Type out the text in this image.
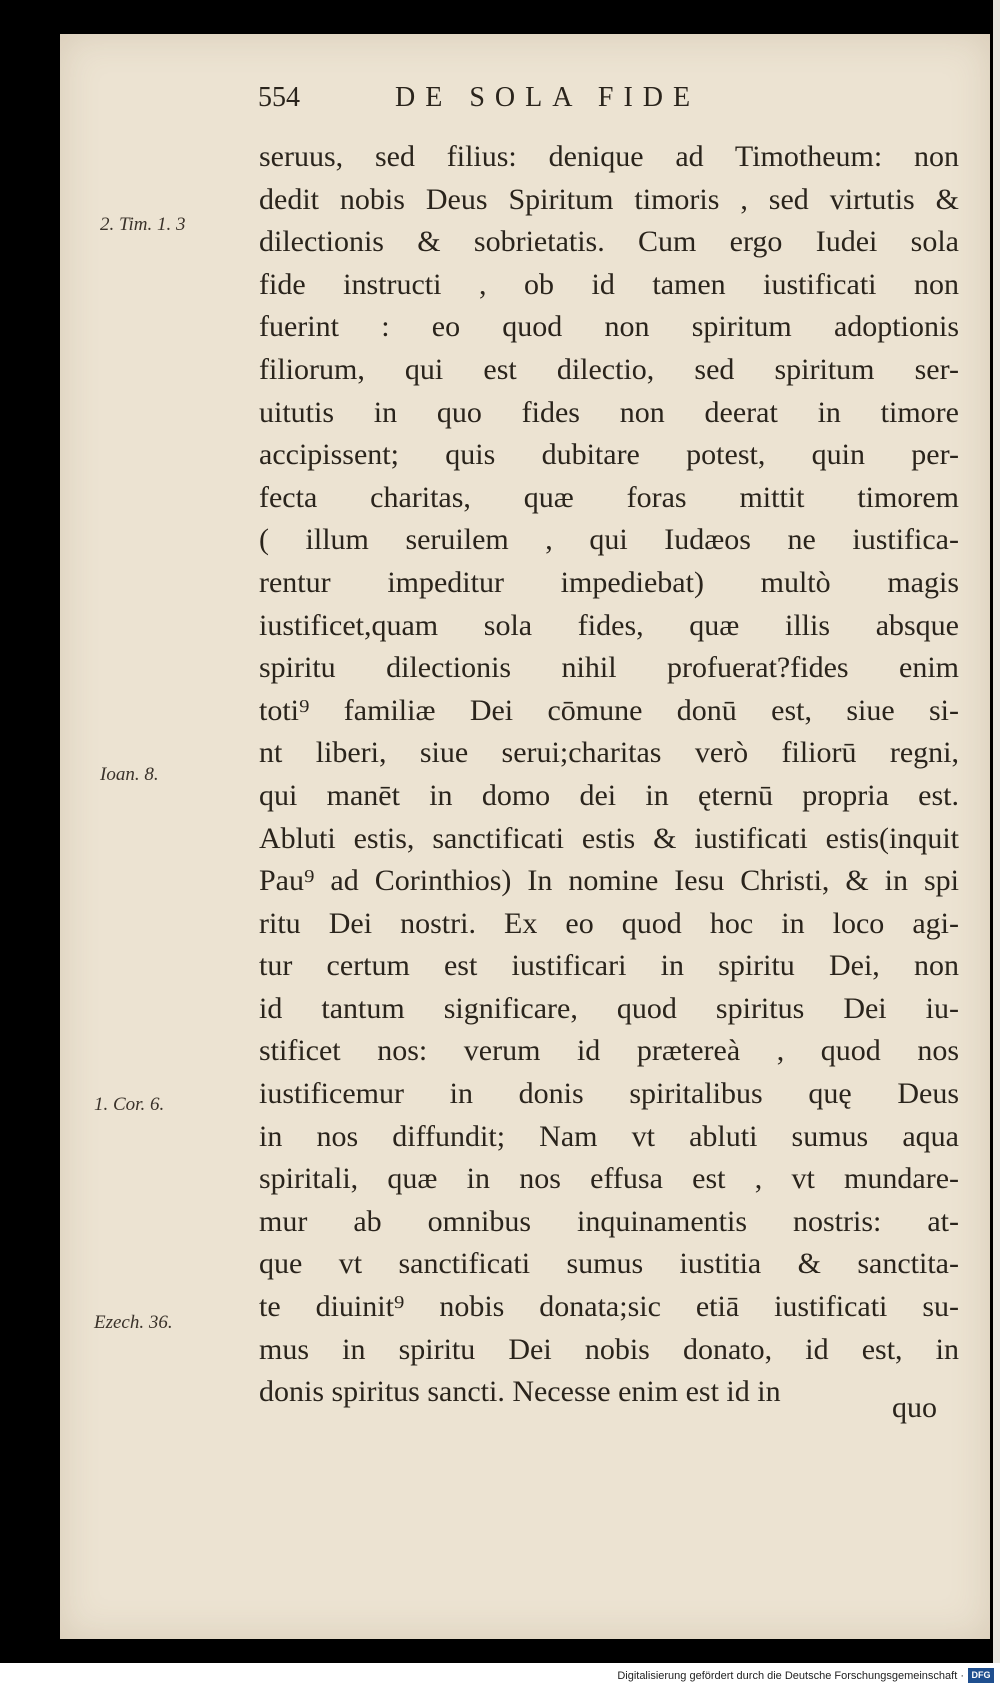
554	DE SOLA FIDE
2. Tim. 1. 3
Ioan. 8.
1. Cor. 6.
Ezech. 36.
seruus, sed filius: denique ad Timotheum: non
dedit nobis Deus Spiritum timoris , sed virtutis &
dilectionis & sobrietatis. Cum ergo Iudei sola
fide instructi , ob id tamen iustificati non
fuerint : eo quod non spiritum adoptionis
filiorum, qui est dilectio, sed spiritum ser-
uitutis in quo fides non deerat in timore
accipissent; quis dubitare potest, quin per-
fecta charitas, quæ foras mittit timorem
( illum seruilem , qui Iudæos ne iustifica-
rentur impeditur impediebat) multò magis
iustificet,quam sola fides, quæ illis absque
spiritu dilectionis nihil profuerat?fides enim
toti⁹ familiæ Dei cōmune donū est, siue si-
nt liberi, siue serui;charitas verò filiorū regni,
qui manēt in domo dei in ęternū propria est.
Abluti estis, sanctificati estis & iustificati estis(inquit
Pau⁹ ad Corinthios) In nomine Iesu Christi, & in spi
ritu Dei nostri. Ex eo quod hoc in loco agi-
tur certum est iustificari in spiritu Dei, non
id tantum significare, quod spiritus Dei iu-
stificet nos: verum id prætereà , quod nos
iustificemur in donis spiritalibus quę Deus
in nos diffundit; Nam vt abluti sumus aqua
spiritali, quæ in nos effusa est , vt mundare-
mur ab omnibus inquinamentis nostris: at-
que vt sanctificati sumus iustitia & sanctita-
te diuinit⁹ nobis donata;sic etiā iustificati su-
mus in spiritu Dei nobis donato, id est, in
donis spiritus sancti. Necesse enim est id in	quo
Digitalisierung gefördert durch die Deutsche Forschungsgemeinschaft · DFG
